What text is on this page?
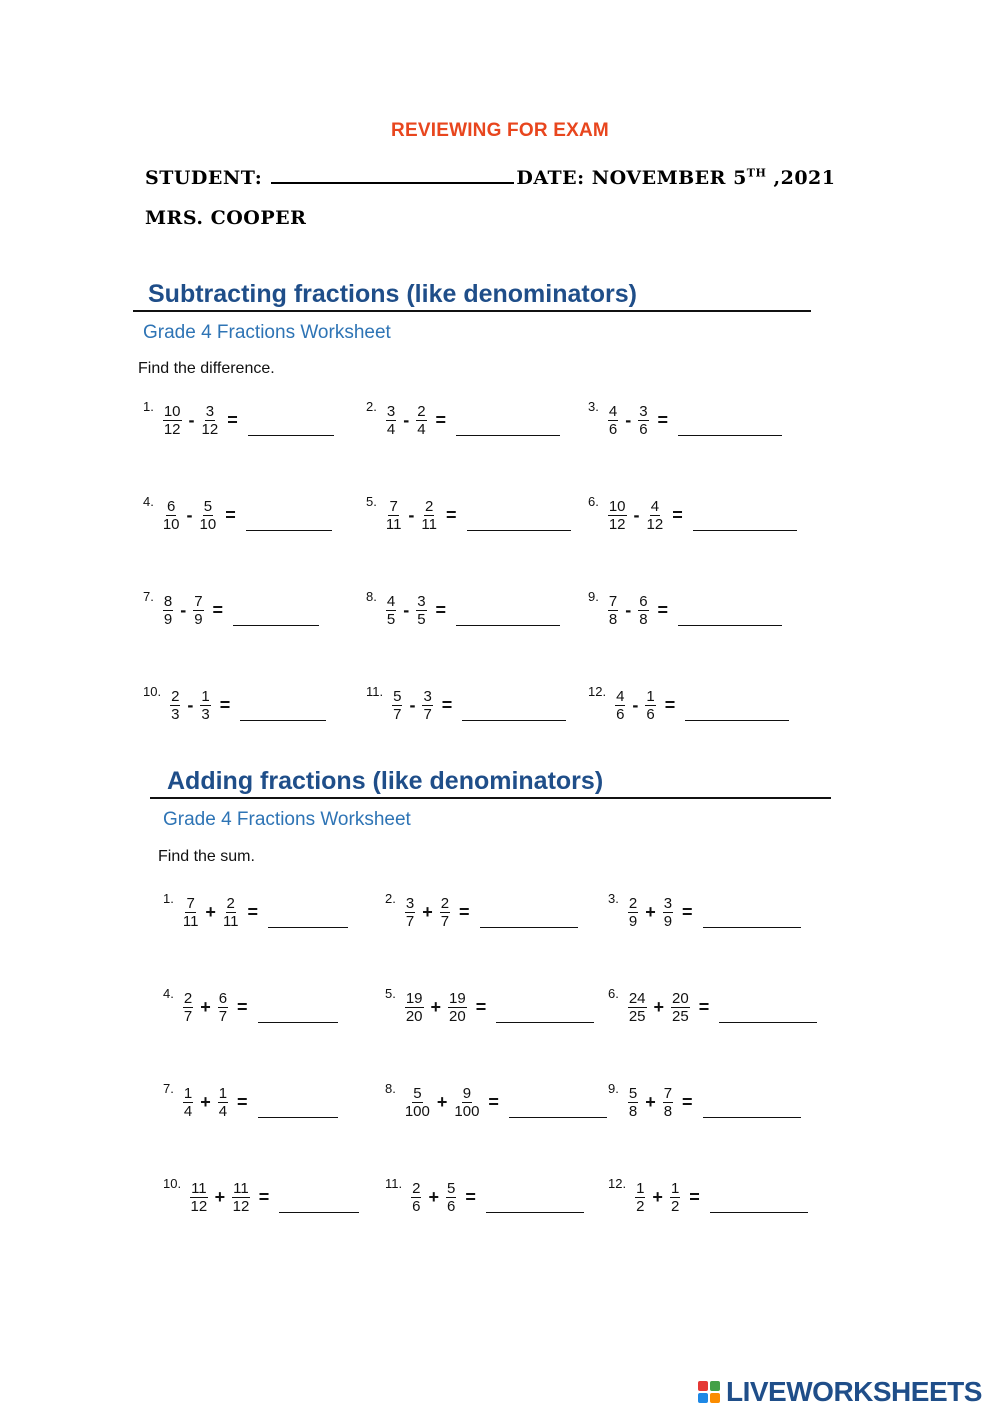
REVIEWING FOR EXAM
STUDENT:	DATE: NOVEMBER 5TH ,2021
MRS. COOPER
Subtracting fractions (like denominators)
Grade 4 Fractions Worksheet
Find the difference.
1. $\frac{10}{12} - \frac{3}{12}$ =
2. $\frac{3}{4} - \frac{2}{4}$ =
3. $\frac{4}{6} - \frac{3}{6}$ =
4. $\frac{6}{10} - \frac{5}{10}$ =
5. $\frac{7}{11} - \frac{2}{11}$ =
6. $\frac{10}{12} - \frac{4}{12}$ =
7. $\frac{8}{9} - \frac{7}{9}$ =
8. $\frac{4}{5} - \frac{3}{5}$ =
9. $\frac{7}{8} - \frac{6}{8}$ =
10. $\frac{2}{3} - \frac{1}{3}$ =
11. $\frac{5}{7} - \frac{3}{7}$ =
12. $\frac{4}{6} - \frac{1}{6}$ =
Adding fractions (like denominators)
Grade 4 Fractions Worksheet
Find the sum.
1. $\frac{7}{11} + \frac{2}{11}$ =
2. $\frac{3}{7} + \frac{2}{7}$ =
3. $\frac{2}{9} + \frac{3}{9}$ =
4. $\frac{2}{7} + \frac{6}{7}$ =
5. $\frac{19}{20} + \frac{19}{20}$ =
6. $\frac{24}{25} + \frac{20}{25}$ =
7. $\frac{1}{4} + \frac{1}{4}$ =
8. $\frac{5}{100} + \frac{9}{100}$ =
9. $\frac{5}{8} + \frac{7}{8}$ =
10. $\frac{11}{12} + \frac{11}{12}$ =
11. $\frac{2}{6} + \frac{5}{6}$ =
12. $\frac{1}{2} + \frac{1}{2}$ =
LIVEWORKSHEETS
